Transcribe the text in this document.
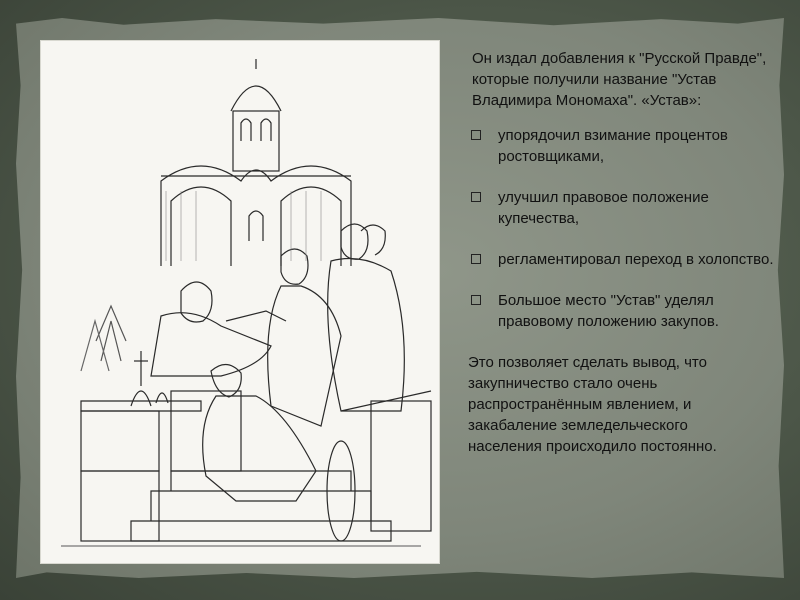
Он издал добавления к "Русской Правде", которые получили название "Устав Владимира Мономаха". «Устав»:

упорядочил взимание процентов ростовщиками,
улучшил правовое положение купечества,
регламентировал переход в холопство.
Большое место "Устав" уделял правовому положению закупов.

Это позволяет сделать вывод, что закупничество стало очень распространённым явлением, и закабаление земледельческого населения происходило постоянно.
